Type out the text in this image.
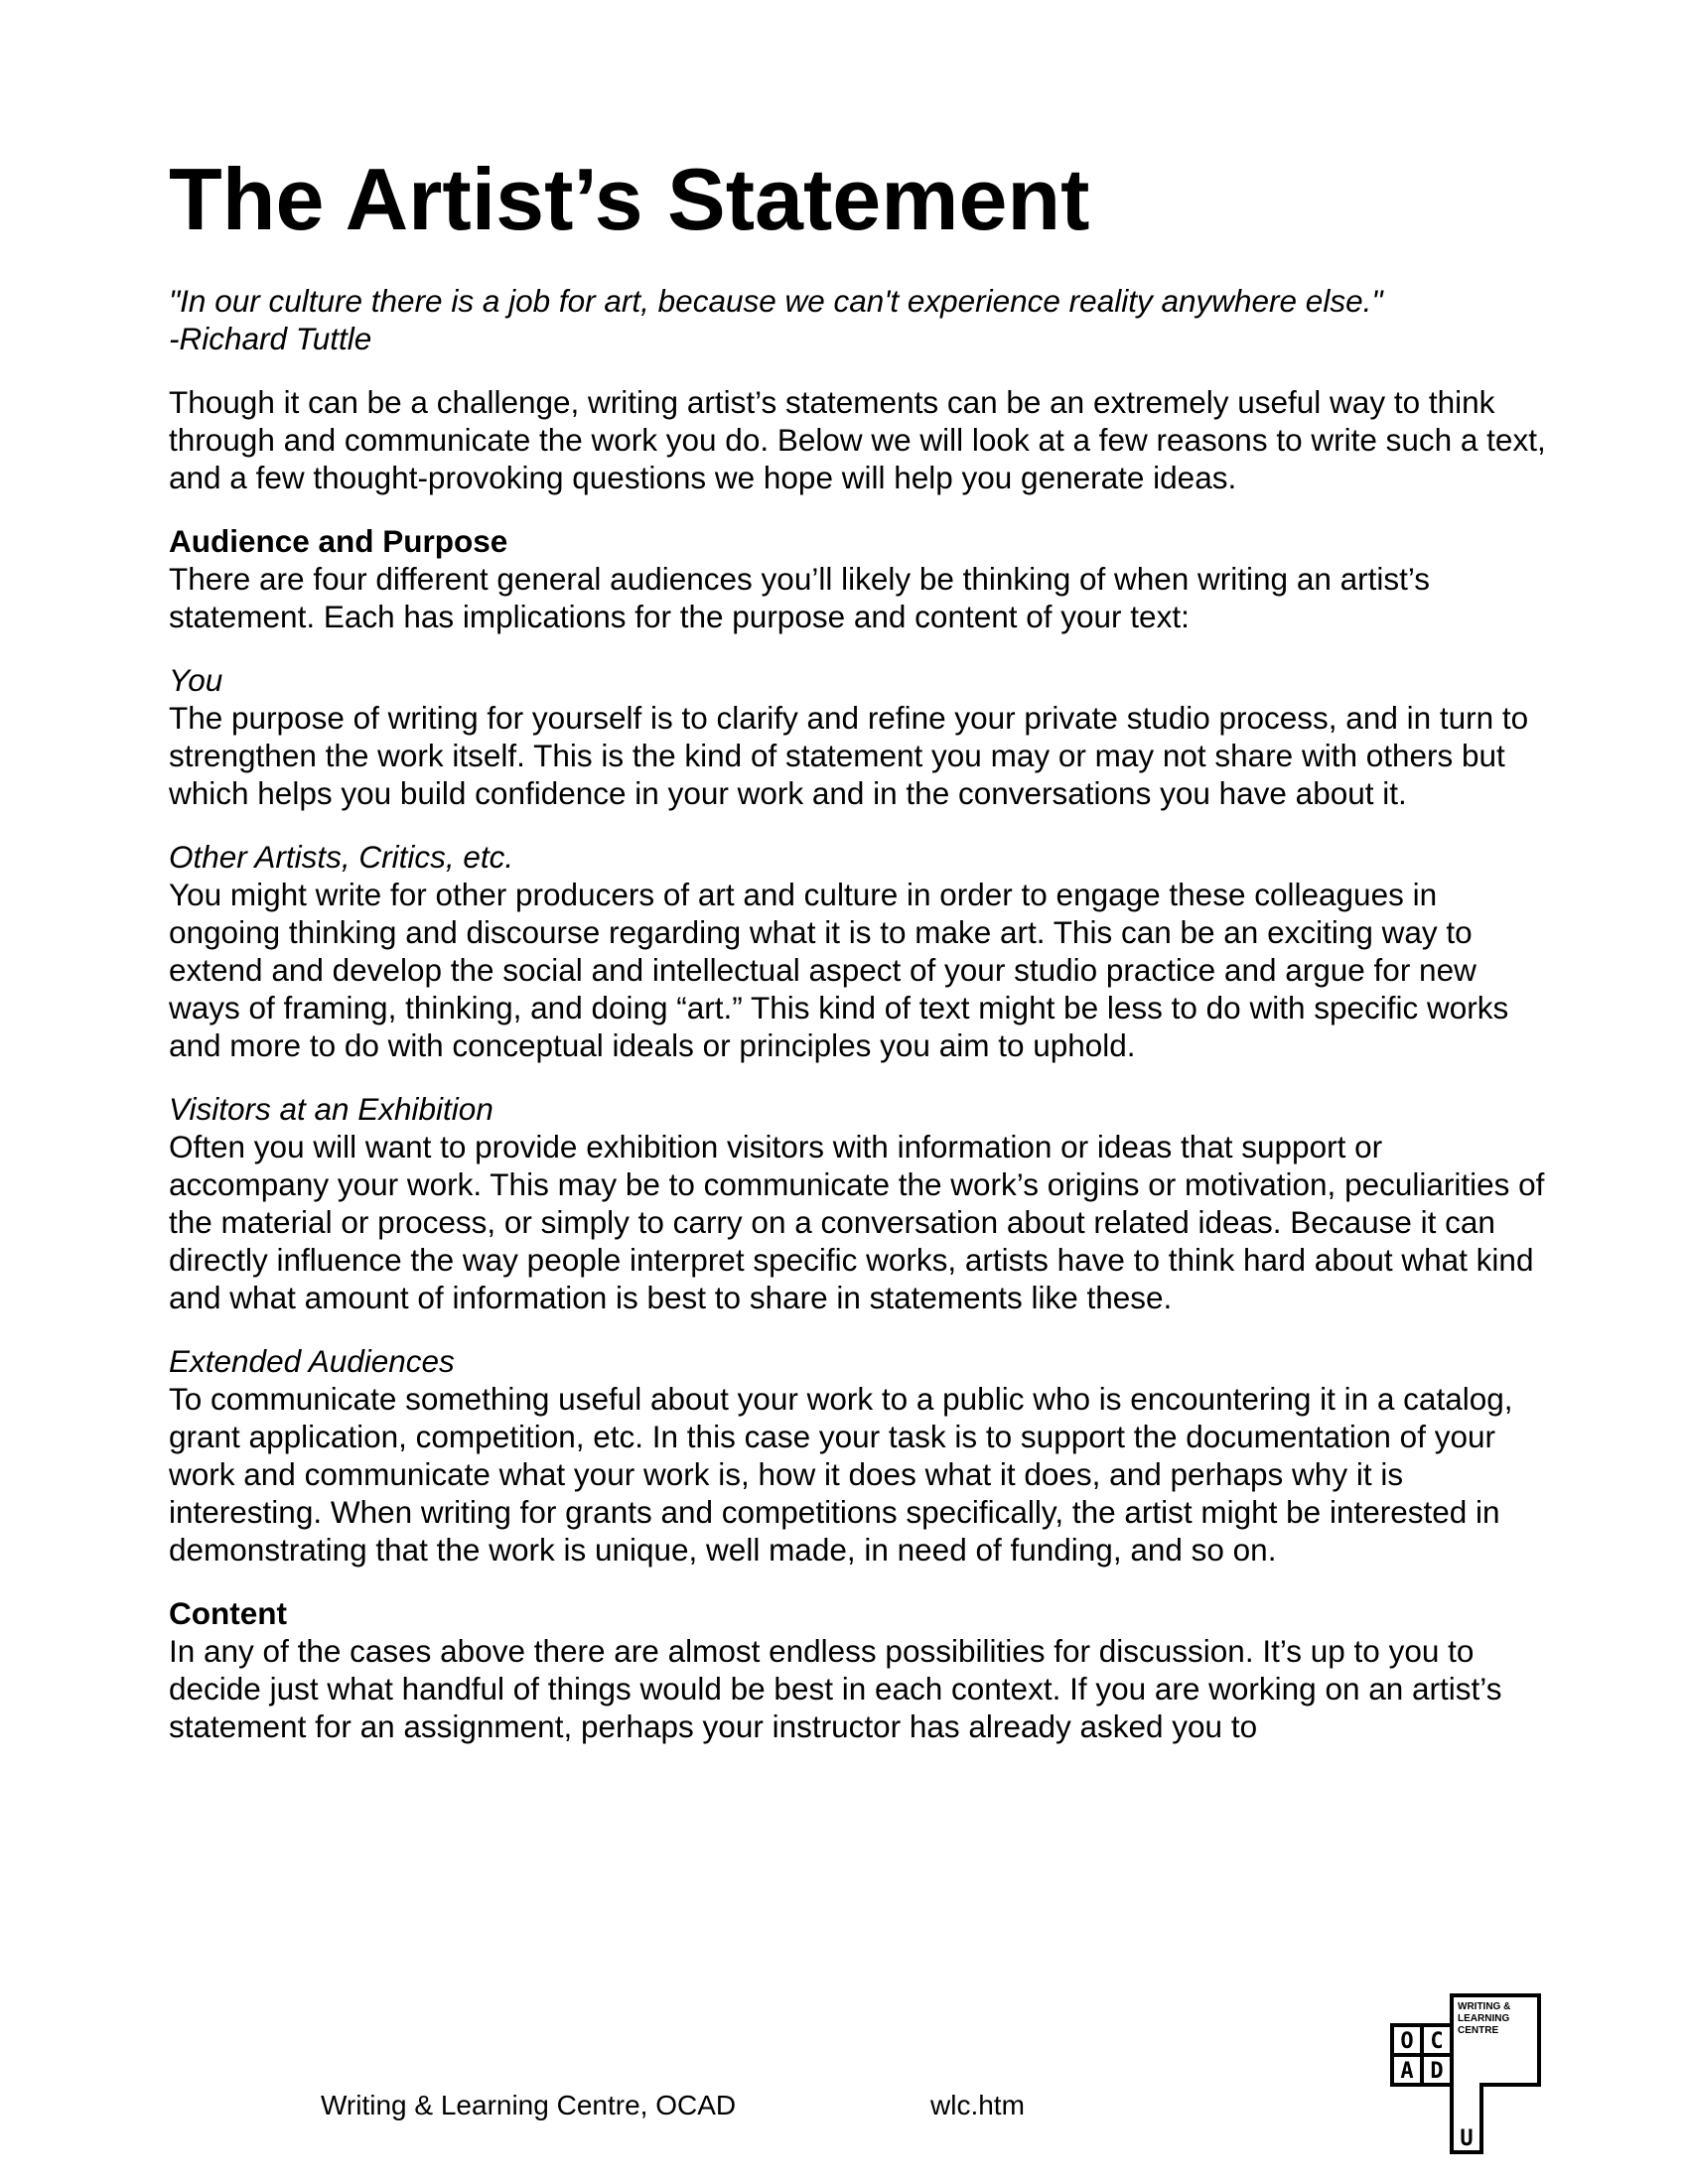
The Artist’s Statement

"In our culture there is a job for art, because we can't experience reality anywhere else."
-Richard Tuttle

Though it can be a challenge, writing artist’s statements can be an extremely useful way to think through and communicate the work you do. Below we will look at a few reasons to write such a text, and a few thought-provoking questions we hope will help you generate ideas.

Audience and Purpose
There are four different general audiences you’ll likely be thinking of when writing an artist’s statement. Each has implications for the purpose and content of your text:

You
The purpose of writing for yourself is to clarify and refine your private studio process, and in turn to strengthen the work itself. This is the kind of statement you may or may not share with others but which helps you build confidence in your work and in the conversations you have about it.

Other Artists, Critics, etc.
You might write for other producers of art and culture in order to engage these colleagues in ongoing thinking and discourse regarding what it is to make art. This can be an exciting way to extend and develop the social and intellectual aspect of your studio practice and argue for new ways of framing, thinking, and doing “art.” This kind of text might be less to do with specific works and more to do with conceptual ideals or principles you aim to uphold.

Visitors at an Exhibition
Often you will want to provide exhibition visitors with information or ideas that support or accompany your work. This may be to communicate the work’s origins or motivation, peculiarities of the material or process, or simply to carry on a conversation about related ideas. Because it can directly influence the way people interpret specific works, artists have to think hard about what kind and what amount of information is best to share in statements like these.

Extended Audiences
To communicate something useful about your work to a public who is encountering it in a catalog, grant application, competition, etc. In this case your task is to support the documentation of your work and communicate what your work is, how it does what it does, and perhaps why it is interesting. When writing for grants and competitions specifically, the artist might be interested in demonstrating that the work is unique, well made, in need of funding, and so on.

Content
In any of the cases above there are almost endless possibilities for discussion. It’s up to you to decide just what handful of things would be best in each context. If you are working on an artist’s statement for an assignment, perhaps your instructor has already asked you to

Writing & Learning Centre, OCAD	wlc.htm
O C
A D
U
WRITING &
LEARNING
CENTRE
